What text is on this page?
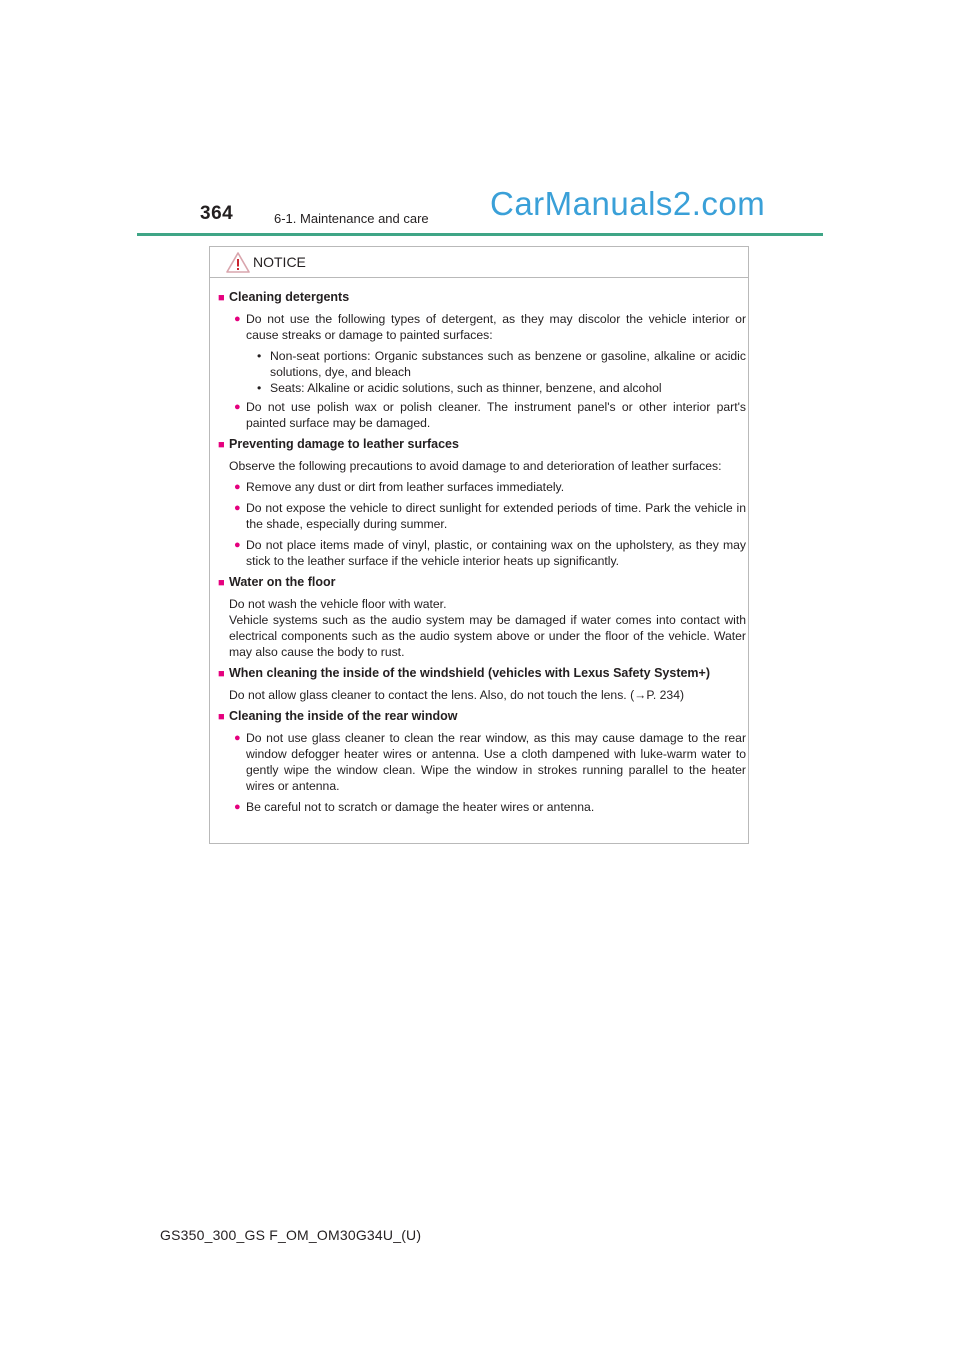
364	6-1. Maintenance and care CarManuals2.com
NOTICE
■ Cleaning detergents
● Do not use the following types of detergent, as they may discolor the vehicle interior or cause streaks or damage to painted surfaces:
• Non-seat portions: Organic substances such as benzene or gasoline, alkaline or acidic solutions, dye, and bleach
• Seats: Alkaline or acidic solutions, such as thinner, benzene, and alcohol
● Do not use polish wax or polish cleaner. The instrument panel's or other interior part's painted surface may be damaged.
■ Preventing damage to leather surfaces
Observe the following precautions to avoid damage to and deterioration of leather surfaces:
● Remove any dust or dirt from leather surfaces immediately.
● Do not expose the vehicle to direct sunlight for extended periods of time. Park the vehicle in the shade, especially during summer.
● Do not place items made of vinyl, plastic, or containing wax on the upholstery, as they may stick to the leather surface if the vehicle interior heats up significantly.
■ Water on the floor
Do not wash the vehicle floor with water.
Vehicle systems such as the audio system may be damaged if water comes into contact with electrical components such as the audio system above or under the floor of the vehicle. Water may also cause the body to rust.
■ When cleaning the inside of the windshield (vehicles with Lexus Safety System+)
Do not allow glass cleaner to contact the lens. Also, do not touch the lens. (→P. 234)
■ Cleaning the inside of the rear window
● Do not use glass cleaner to clean the rear window, as this may cause damage to the rear window defogger heater wires or antenna. Use a cloth dampened with luke-warm water to gently wipe the window clean. Wipe the window in strokes running parallel to the heater wires or antenna.
● Be careful not to scratch or damage the heater wires or antenna.
GS350_300_GS F_OM_OM30G34U_(U)
